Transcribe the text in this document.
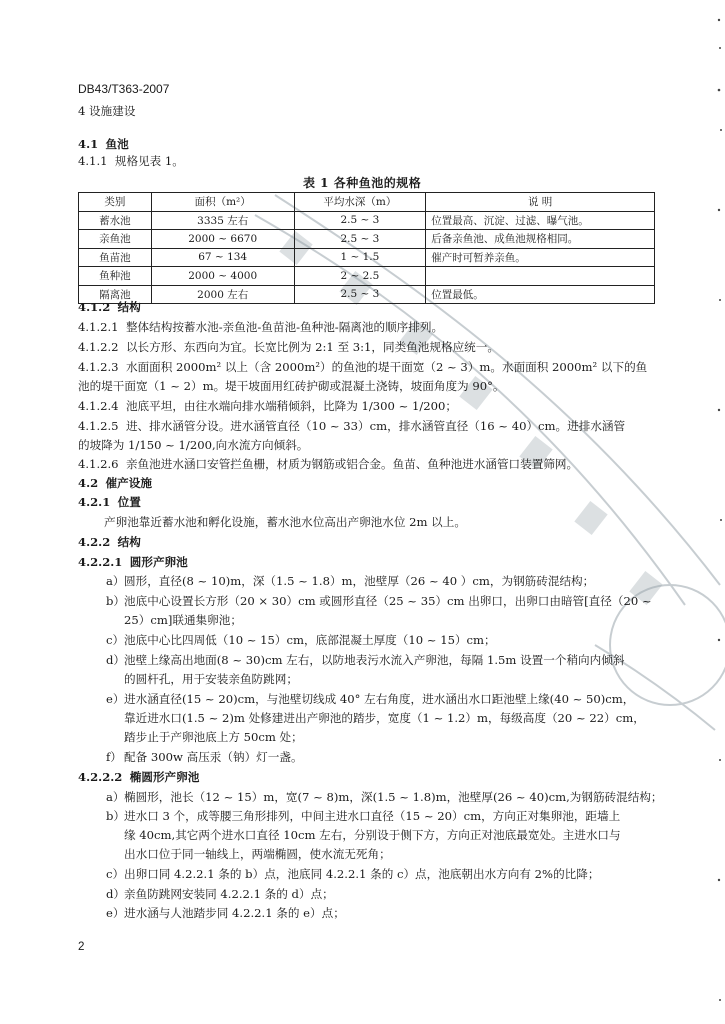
DB43/T363-2007
4 设施建设
4.1 鱼池
4.1.1 规格见表 1。
表 1 各种鱼池的规格
类别	面积（m²）	平均水深（m）	说 明
蓄水池	3335 左右	2.5 ~ 3	位置最高、沉淀、过滤、曝气池。
亲鱼池	2000 ~ 6670	2.5 ~ 3	后备亲鱼池、成鱼池规格相同。
鱼苗池	67 ~ 134	1 ~ 1.5	催产时可暂养亲鱼。
鱼种池	2000 ~ 4000	2 ~ 2.5	
隔离池	2000 左右	2.5 ~ 3	位置最低。
4.1.2 结构
4.1.2.1 整体结构按蓄水池-亲鱼池-鱼苗池-鱼种池-隔离池的顺序排列。
4.1.2.2 以长方形、东西向为宜。长宽比例为 2:1 至 3:1，同类鱼池规格应统一。
4.1.2.3 水面面积 2000m² 以上（含 2000m²）的鱼池的堤干面宽（2 ~ 3）m。水面面积 2000m² 以下的鱼
池的堤干面宽（1 ~ 2）m。堤干坡面用红砖护砌或混凝土浇铸，坡面角度为 90°。
4.1.2.4 池底平坦，由往水端向排水端稍倾斜，比降为 1/300 ~ 1/200；
4.1.2.5 进、排水涵管分设。进水涵管直径（10 ~ 33）cm，排水涵管直径（16 ~ 40）cm。进排水涵管
的坡降为 1/150 ~ 1/200,向水流方向倾斜。
4.1.2.6 亲鱼池进水涵口安管拦鱼栅，材质为钢筋或铝合金。鱼苗、鱼种池进水涵管口装置筛网。
4.2 催产设施
4.2.1 位置
产卵池靠近蓄水池和孵化设施，蓄水池水位高出产卵池水位 2m 以上。
4.2.2 结构
4.2.2.1 圆形产卵池
a） 圆形，直径(8 ~ 10)m，深（1.5 ~ 1.8）m，池壁厚（26 ~ 40 ）cm，为钢筋砖混结构；
b）
池底中心设置长方形（20 × 30）cm 或圆形直径（25 ~ 35）cm 出卵口，出卵口由暗管[直径（20 ~
25）cm]联通集卵池；
c） 池底中心比四周低（10 ~ 15）cm，底部混凝土厚度（10 ~ 15）cm；
d）
池壁上缘高出地面(8 ~ 30)cm 左右，以防地表污水流入产卵池，每隔 1.5m 设置一个稍向内倾斜
的圆杆孔，用于安装亲鱼防跳网；
e） 进水涵直径(15 ~ 20)cm，与池壁切线成 40° 左右角度，进水涵出水口距池壁上缘(40 ~ 50)cm，
靠近进水口(1.5 ~ 2)m 处修建进出产卵池的踏步，宽度（1 ~ 1.2）m，每级高度（20 ~ 22）cm，
踏步止于产卵池底上方 50cm 处；
f） 配备 300w 高压汞（钠）灯一盏。
4.2.2.2 椭圆形产卵池
a） 椭圆形，池长（12 ~ 15）m，宽(7 ~ 8)m，深(1.5 ~ 1.8)m，池壁厚(26 ~ 40)cm,为钢筋砖混结构；
b）
进水口 3 个，成等腰三角形排列，中间主进水口直径（15 ~ 20）cm，方向正对集卵池，距墙上
缘 40cm,其它两个进水口直径 10cm 左右，分别设于侧下方，方向正对池底最宽处。主进水口与
出水口位于同一轴线上，两端椭圆，使水流无死角；
c） 出卵口同 4.2.2.1 条的 b）点，池底同 4.2.2.1 条的 c）点，池底朝出水方向有 2%的比降；
d）
亲鱼防跳网安装同 4.2.2.1 条的 d）点；
e） 进水涵与人池踏步同 4.2.2.1 条的 e）点；
2
